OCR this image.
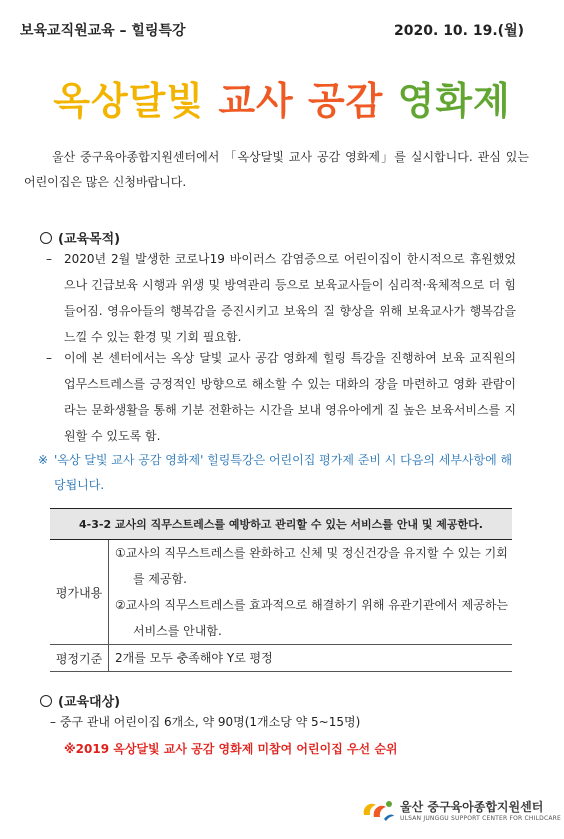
보육교직원교육 – 힐링특강	2020. 10. 19.(월)
옥상달빛 교사 공감 영화제
울산 중구육아종합지원센터에서 「옥상달빛 교사 공감 영화제」를 실시합니다. 관심 있는 어린이집은 많은 신청바랍니다.
(교육목적)
–	2020년 2월 발생한 코로나19 바이러스 감염증으로 어린이집이 한시적으로 휴원했었으나 긴급보육 시행과 위생 및 방역관리 등으로 보육교사들이 심리적·육체적으로 더 힘들어짐. 영유아들의 행복감을 증진시키고 보육의 질 향상을 위해 보육교사가 행복감을 느낄 수 있는 환경 및 기회 필요함.
–	이에 본 센터에서는 옥상 달빛 교사 공감 영화제 힐링 특강을 진행하여 보육 교직원의 업무스트레스를 긍정적인 방향으로 해소할 수 있는 대화의 장을 마련하고 영화 관람이라는 문화생활을 통해 기분 전환하는 시간을 보내 영유아에게 질 높은 보육서비스를 지원할 수 있도록 함.
※ '옥상 달빛 교사 공감 영화제' 힐링특강은 어린이집 평가제 준비 시 다음의 세부사항에 해당됩니다.
4-3-2 교사의 직무스트레스를 예방하고 관리할 수 있는 서비스를 안내 및 제공한다.	
평가내용	①교사의 직무스트레스를 완화하고 신체 및 정신건강을 유지할 수 있는 기회를 제공함.
②교사의 직무스트레스를 효과적으로 해결하기 위해 유관기관에서 제공하는 서비스를 안내함.

평정기준	2개를 모두 충족해야 Y로 평정
(교육대상)
– 중구 관내 어린이집 6개소, 약 90명(1개소당 약 5~15명)
※2019 옥상달빛 교사 공감 영화제 미참여 어린이집 우선 순위
울산 중구육아종합지원센터
ULSAN JUNGGU SUPPORT CENTER FOR CHILDCARE
